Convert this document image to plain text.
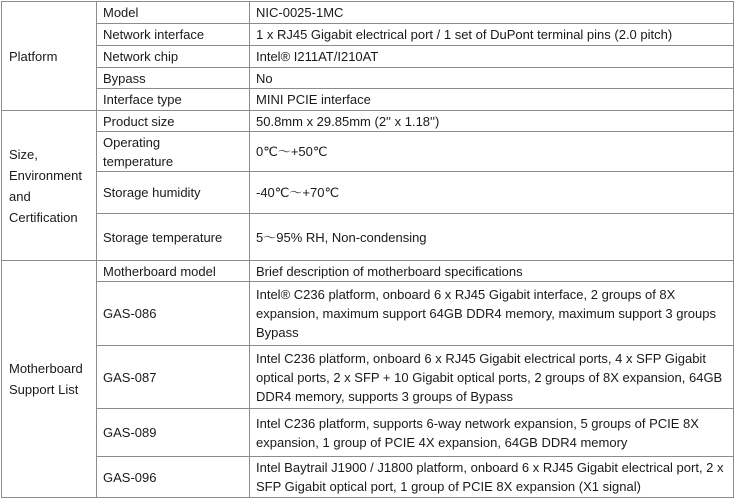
Platform	Model	NIC-0025-1MC
	Network interface	1 x RJ45 Gigabit electrical port / 1 set of DuPont terminal pins (2.0 pitch)
	Network chip	Intel® I211AT/I210AT
	Bypass	No
	Interface type	MINI PCIE interface
Size,
Environment
and
Certification	Product size	50.8mm x 29.85mm (2'' x 1.18'')
	Operating
temperature	0℃～+50℃
	Storage humidity	-40℃～+70℃
	Storage temperature	5～95% RH, Non-condensing
Motherboard
Support List	Motherboard model	Brief description of motherboard specifications
	GAS-086	Intel® C236 platform, onboard 6 x RJ45 Gigabit interface, 2 groups of 8X expansion, maximum support 64GB DDR4 memory, maximum support 3 groups Bypass
	GAS-087	Intel C236 platform, onboard 6 x RJ45 Gigabit electrical ports, 4 x SFP Gigabit optical ports, 2 x SFP + 10 Gigabit optical ports, 2 groups of 8X expansion, 64GB DDR4 memory, supports 3 groups of Bypass
	GAS-089	Intel C236 platform, supports 6-way network expansion, 5 groups of PCIE 8X expansion, 1 group of PCIE 4X expansion, 64GB DDR4 memory
	GAS-096	Intel Baytrail J1900 / J1800 platform, onboard 6 x RJ45 Gigabit electrical port, 2 x SFP Gigabit optical port, 1 group of PCIE 8X expansion (X1 signal)
